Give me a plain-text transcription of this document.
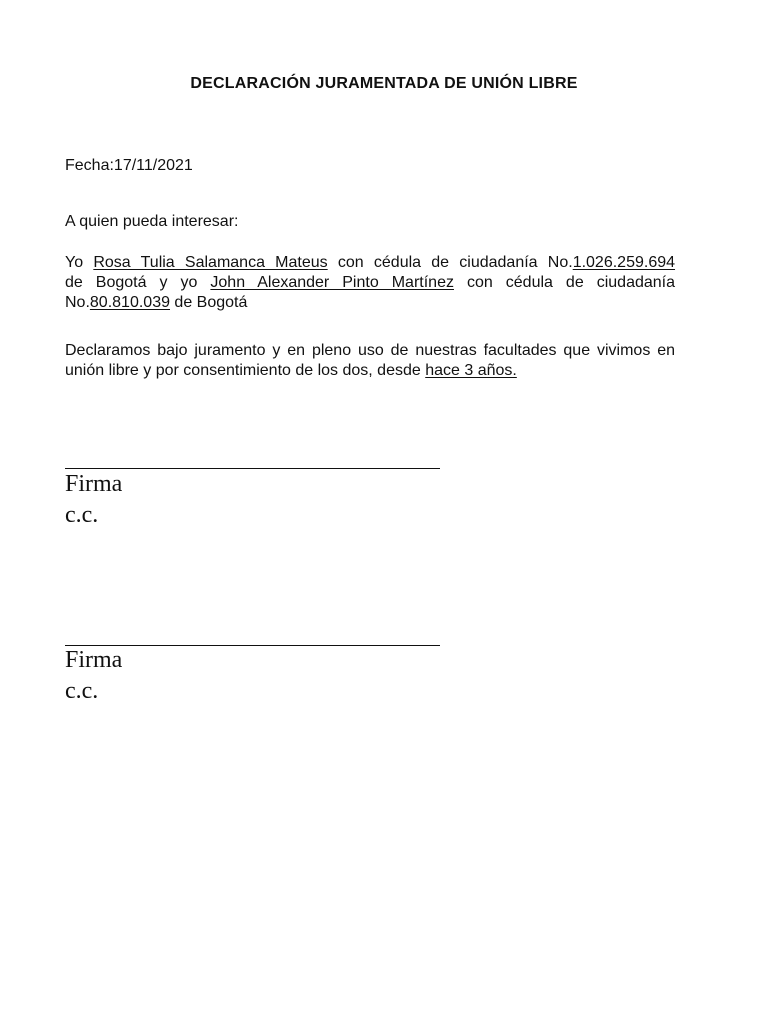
DECLARACIÓN JURAMENTADA DE UNIÓN LIBRE
Fecha:17/11/2021
A quien pueda interesar:
Yo Rosa Tulia Salamanca Mateus con cédula de ciudadanía No.1.026.259.694
de Bogotá y yo John Alexander Pinto Martínez con cédula de ciudadanía
No.80.810.039 de Bogotá
Declaramos bajo juramento y en pleno uso de nuestras facultades que vivimos en
unión libre y por consentimiento de los dos, desde hace 3 años.
Firma
c.c.
Firma
c.c.
